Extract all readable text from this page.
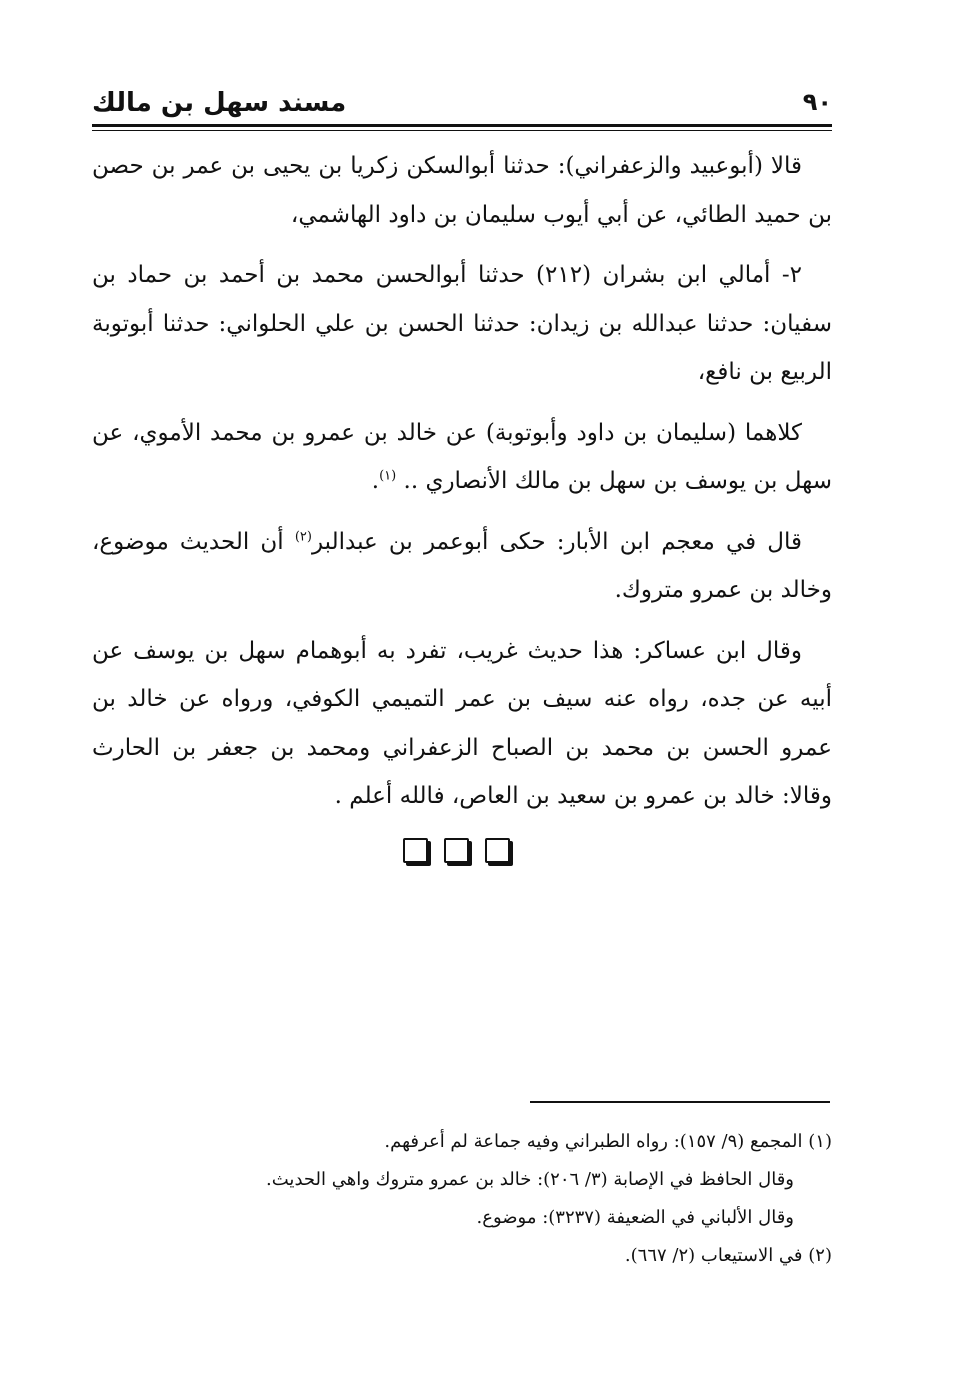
٩٠
مسند سهل بن مالك

قالا (أبوعبيد والزعفراني): حدثنا أبوالسكن زكريا بن يحيى بن عمر بن حصن بن حميد الطائي، عن أبي أيوب سليمان بن داود الهاشمي،

٢- أمالي ابن بشران (٢١٢) حدثنا أبوالحسن محمد بن أحمد بن حماد بن سفيان: حدثنا عبدالله بن زيدان: حدثنا الحسن بن علي الحلواني: حدثنا أبوتوبة الربيع بن نافع،

كلاهما (سليمان بن داود وأبوتوبة) عن خالد بن عمرو بن محمد الأموي، عن سهل بن يوسف بن سهل بن مالك الأنصاري .. $^{(١)}$.

قال في معجم ابن الأبار: حكى أبوعمر بن عبدالبر$^{(٢)}$ أن الحديث موضوع، وخالد بن عمرو متروك.

وقال ابن عساكر: هذا حديث غريب، تفرد به أبوهمام سهل بن يوسف عن أبيه عن جده، رواه عنه سيف بن عمر التميمي الكوفي، ورواه عن خالد بن عمرو الحسن بن محمد بن الصباح الزعفراني ومحمد بن جعفر بن الحارث وقالا: خالد بن عمرو بن سعيد بن العاص، فالله أعلم .

(١) المجمع (٩/ ١٥٧): رواه الطبراني وفيه جماعة لم أعرفهم.

وقال الحافظ في الإصابة (٣/ ٢٠٦): خالد بن عمرو متروك واهي الحديث.

وقال الألباني في الضعيفة (٣٢٣٧): موضوع.

(٢) في الاستيعاب (٢/ ٦٦٧).
